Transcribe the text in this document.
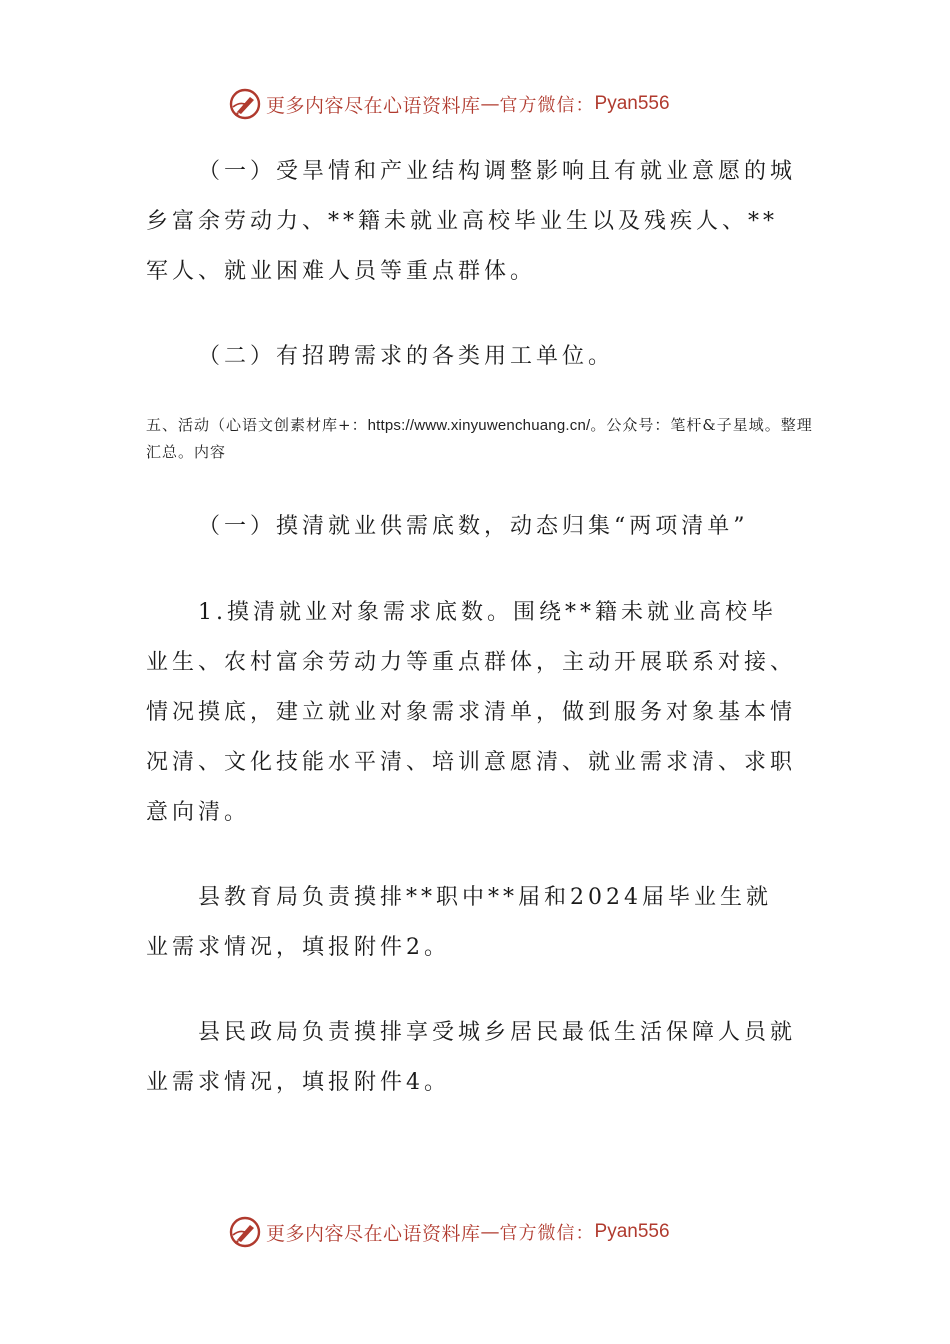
更多内容尽在心语资料库 — 官方微信： Pyan556

（一）受旱情和产业结构调整影响且有就业意愿的城乡富余劳动力、**籍未就业高校毕业生以及残疾人、**军人、就业困难人员等重点群体。

（二）有招聘需求的各类用工单位。

五、活动（心语文创素材库+：https://www.xinyuwenchuang.cn/。公众号：笔杆&子星域。整理汇总。内容

（一）摸清就业供需底数，动态归集“两项清单”

1.摸清就业对象需求底数。围绕**籍未就业高校毕业生、农村富余劳动力等重点群体，主动开展联系对接、情况摸底，建立就业对象需求清单，做到服务对象基本情况清、文化技能水平清、培训意愿清、就业需求清、求职意向清。

县教育局负责摸排**职中**届和2024届毕业生就业需求情况，填报附件2。

县民政局负责摸排享受城乡居民最低生活保障人员就业需求情况，填报附件4。

更多内容尽在心语资料库 — 官方微信： Pyan556
